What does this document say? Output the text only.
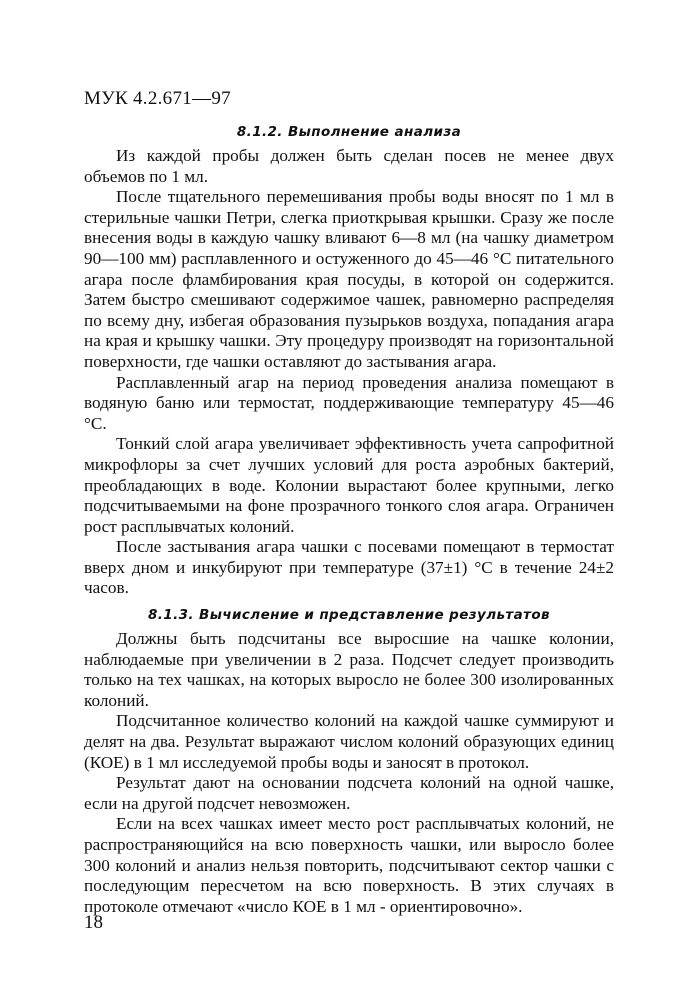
МУК 4.2.671—97
8.1.2. Выполнение анализа

Из каждой пробы должен быть сделан посев не менее двух объемов по 1 мл.

После тщательного перемешивания пробы воды вносят по 1 мл в стерильные чашки Петри, слегка приоткрывая крышки. Сразу же после внесения воды в каждую чашку вливают 6—8 мл (на чашку диаметром 90—100 мм) расплавленного и остуженного до 45—46 °С питательного агара после фламбирования края посуды, в которой он содержится. Затем быстро смешивают содержимое чашек, равномерно распределяя по всему дну, избегая образования пузырьков воздуха, попадания агара на края и крышку чашки. Эту процедуру производят на горизонтальной поверхности, где чашки оставляют до застывания агара.

Расплавленный агар на период проведения анализа помещают в водяную баню или термостат, поддерживающие температуру 45—46 °С.

Тонкий слой агара увеличивает эффективность учета сапрофитной микрофлоры за счет лучших условий для роста аэробных бактерий, преобладающих в воде. Колонии вырастают более крупными, легко подсчитываемыми на фоне прозрачного тонкого слоя агара. Ограничен рост расплывчатых колоний.

После застывания агара чашки с посевами помещают в термостат вверх дном и инкубируют при температуре (37±1) °С в течение 24±2 часов.

8.1.3. Вычисление и представление результатов

Должны быть подсчитаны все выросшие на чашке колонии, наблюдаемые при увеличении в 2 раза. Подсчет следует производить только на тех чашках, на которых выросло не более 300 изолированных колоний.

Подсчитанное количество колоний на каждой чашке суммируют и делят на два. Результат выражают числом колоний образующих единиц (КОЕ) в 1 мл исследуемой пробы воды и заносят в протокол.

Результат дают на основании подсчета колоний на одной чашке, если на другой подсчет невозможен.

Если на всех чашках имеет место рост расплывчатых колоний, не распространяющийся на всю поверхность чашки, или выросло более 300 колоний и анализ нельзя повторить, подсчитывают сектор чашки с последующим пересчетом на всю поверхность. В этих случаях в протоколе отмечают «число КОЕ в 1 мл - ориентировочно».

18
